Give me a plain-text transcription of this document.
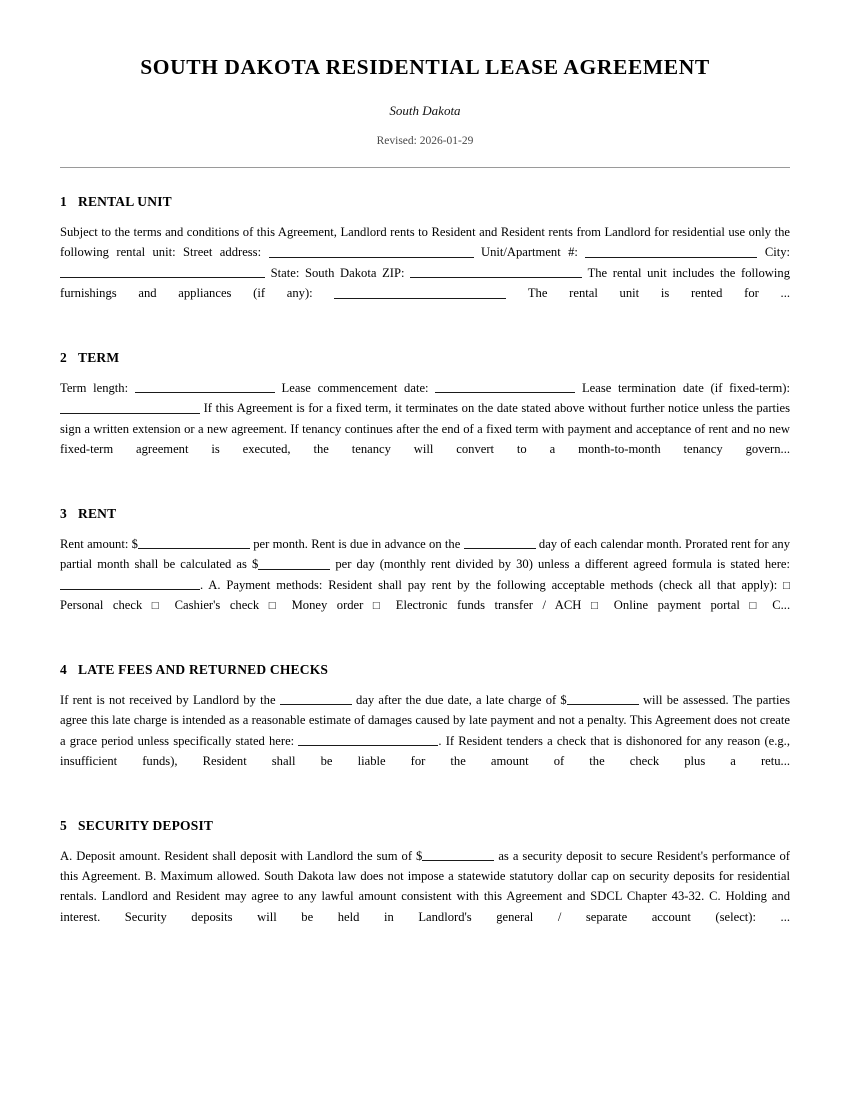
SOUTH DAKOTA RESIDENTIAL LEASE AGREEMENT
South Dakota
Revised: 2026-01-29
1 RENTAL UNIT

Subject to the terms and conditions of this Agreement, Landlord rents to Resident and Resident rents from Landlord for residential use only the following rental unit: Street address:	Unit/Apartment #:	City:  State: South Dakota ZIP:	The rental unit includes the following furnishings and appliances (if any):	The rental unit is rented for ...

2 TERM

Term length:	Lease commencement date:	Lease termination date (if fixed-term):  If this Agreement is for a fixed term, it terminates on the date stated above without further notice unless the parties sign a written extension or a new agreement. If tenancy continues after the end of a fixed term with payment and acceptance of rent and no new fixed-term agreement is executed, the tenancy will convert to a month-to-month tenancy govern...

3 RENT

Rent amount: $	per month. Rent is due in advance on the	day of each calendar month. Prorated rent for any partial month shall be calculated as $	per day (monthly rent divided by 30) unless a different agreed formula is stated here: . A. Payment methods: Resident shall pay rent by the following acceptable methods (check all that apply): □ Personal check □ Cashier's check □ Money order □ Electronic funds transfer / ACH □ Online payment portal □ C...

4 LATE FEES AND RETURNED CHECKS

If rent is not received by Landlord by the	day after the due date, a late charge of $	will be assessed. The parties agree this late charge is intended as a reasonable estimate of damages caused by late payment and not a penalty. This Agreement does not create a grace period unless specifically stated here:	. If Resident tenders a check that is dishonored for any reason (e.g., insufficient funds), Resident shall be liable for the amount of the check plus a retu...

5 SECURITY DEPOSIT

A. Deposit amount. Resident shall deposit with Landlord the sum of $	as a security deposit to secure Resident's performance of this Agreement. B. Maximum allowed. South Dakota law does not impose a statewide statutory dollar cap on security deposits for residential rentals. Landlord and Resident may agree to any lawful amount consistent with this Agreement and SDCL Chapter 43-32. C. Holding and interest. Security deposits will be held in Landlord's general / separate account (select): ...
